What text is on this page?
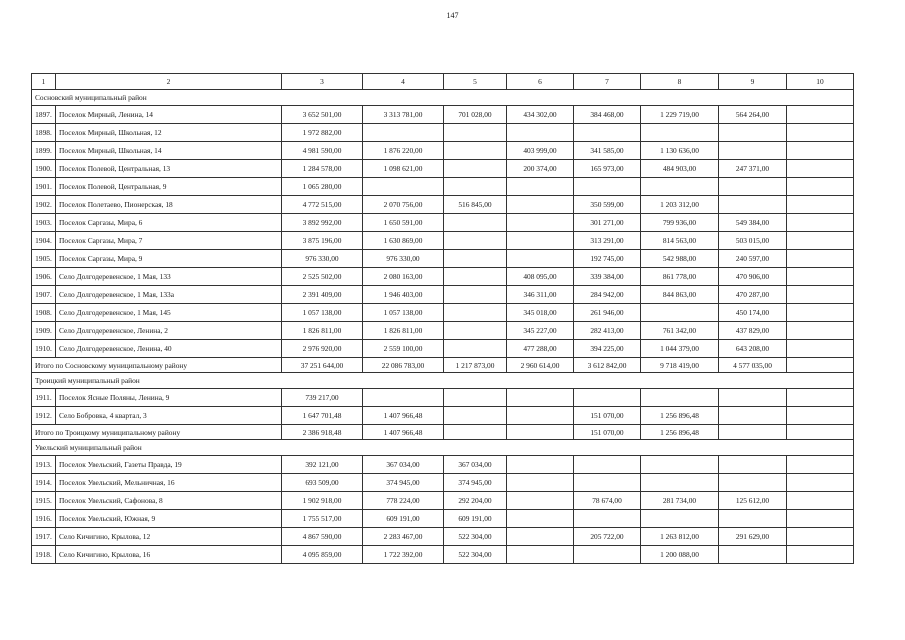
147
1	2	3	4	5	6	7	8	9	10
Сосновский муниципальный район									
1897.	Поселок Мирный, Ленина, 14	3 652 501,00	3 313 781,00	701 028,00	434 302,00	384 468,00	1 229 719,00	564 264,00	
1898.	Поселок Мирный, Школьная, 12	1 972 882,00							
1899.	Поселок Мирный, Школьная, 14	4 981 590,00	1 876 220,00		403 999,00	341 585,00	1 130 636,00		
1900.	Поселок Полевой, Центральная, 13	1 284 578,00	1 098 621,00		200 374,00	165 973,00	484 903,00	247 371,00	
1901.	Поселок Полевой, Центральная, 9	1 065 280,00							
1902.	Поселок Полетаево, Пионерская, 18	4 772 515,00	2 070 756,00	516 845,00		350 599,00	1 203 312,00		
1903.	Поселок Саргазы, Мира, 6	3 892 992,00	1 650 591,00			301 271,00	799 936,00	549 384,00	
1904.	Поселок Саргазы, Мира, 7	3 875 196,00	1 630 869,00			313 291,00	814 563,00	503 015,00	
1905.	Поселок Саргазы, Мира, 9	976 330,00	976 330,00			192 745,00	542 988,00	240 597,00	
1906.	Село Долгодеревенское, 1 Мая, 133	2 525 502,00	2 080 163,00		408 095,00	339 384,00	861 778,00	470 906,00	
1907.	Село Долгодеревенское, 1 Мая, 133а	2 391 409,00	1 946 403,00		346 311,00	284 942,00	844 863,00	470 287,00	
1908.	Село Долгодеревенское, 1 Мая, 145	1 057 138,00	1 057 138,00		345 018,00	261 946,00		450 174,00	
1909.	Село Долгодеревенское, Ленина, 2	1 826 811,00	1 826 811,00		345 227,00	282 413,00	761 342,00	437 829,00	
1910.	Село Долгодеревенское, Ленина, 40	2 976 920,00	2 559 100,00		477 288,00	394 225,00	1 044 379,00	643 208,00	
Итого по Сосновскому муниципальному району		37 251 644,00	22 086 783,00	1 217 873,00	2 960 614,00	3 612 842,00	9 718 419,00	4 577 035,00	
Троицкий муниципальный район									
1911.	Поселок Ясные Поляны, Ленина, 9	739 217,00							
1912.	Село Бобровка, 4 квартал, 3	1 647 701,48	1 407 966,48			151 070,00	1 256 896,48		
Итого по Троицкому муниципальному району		2 386 918,48	1 407 966,48			151 070,00	1 256 896,48		
Увельский муниципальный район									
1913.	Поселок Увельский, Газеты Правда, 19	392 121,00	367 034,00	367 034,00					
1914.	Поселок Увельский, Мельничная, 16	693 509,00	374 945,00	374 945,00					
1915.	Поселок Увельский, Сафонова, 8	1 902 918,00	778 224,00	292 204,00		78 674,00	281 734,00	125 612,00	
1916.	Поселок Увельский, Южная, 9	1 755 517,00	609 191,00	609 191,00					
1917.	Село Кичигино, Крылова, 12	4 867 590,00	2 283 467,00	522 304,00		205 722,00	1 263 812,00	291 629,00	
1918.	Село Кичигино, Крылова, 16	4 095 859,00	1 722 392,00	522 304,00			1 200 088,00		
